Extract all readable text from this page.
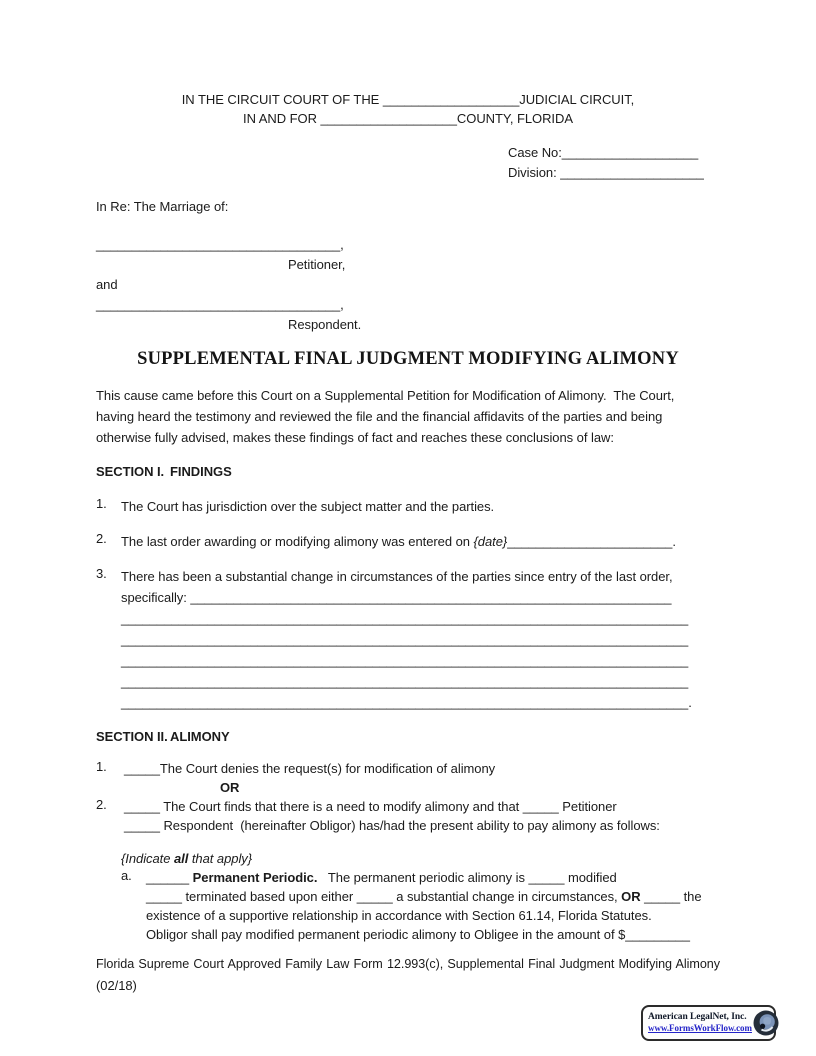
IN THE CIRCUIT COURT OF THE ___________________JUDICIAL CIRCUIT,
IN AND FOR ___________________COUNTY, FLORIDA
Case No:___________________
Division: ____________________
In Re: The Marriage of:
__________________________________,
Petitioner,
and
__________________________________,
Respondent.
SUPPLEMENTAL FINAL JUDGMENT MODIFYING ALIMONY
This cause came before this Court on a Supplemental Petition for Modification of Alimony.  The Court,
having heard the testimony and reviewed the file and the financial affidavits of the parties and being
otherwise fully advised, makes these findings of fact and reaches these conclusions of law:
SECTION I. FINDINGS
1.	The Court has jurisdiction over the subject matter and the parties.
2.	The last order awarding or modifying alimony was entered on {date}_______________________.
3.	There has been a substantial change in circumstances of the parties since entry of the last order,
specifically: ___________________________________________________________________
_______________________________________________________________________________
_______________________________________________________________________________
_______________________________________________________________________________
_______________________________________________________________________________
_______________________________________________________________________________.
SECTION II. ALIMONY
1.	_____The Court denies the request(s) for modification of alimony
OR
2.	_____ The Court finds that there is a need to modify alimony and that _____ Petitioner
_____ Respondent  (hereinafter Obligor) has/had the present ability to pay alimony as follows:
{Indicate all that apply}
a.	______ Permanent Periodic.   The permanent periodic alimony is _____ modified
_____ terminated based upon either _____ a substantial change in circumstances, OR _____ the
existence of a supportive relationship in accordance with Section 61.14, Florida Statutes.
Obligor shall pay modified permanent periodic alimony to Obligee in the amount of $_________
Florida Supreme Court Approved Family Law Form 12.993(c), Supplemental Final Judgment Modifying Alimony
(02/18)
American LegalNet, Inc.
www.FormsWorkFlow.com
